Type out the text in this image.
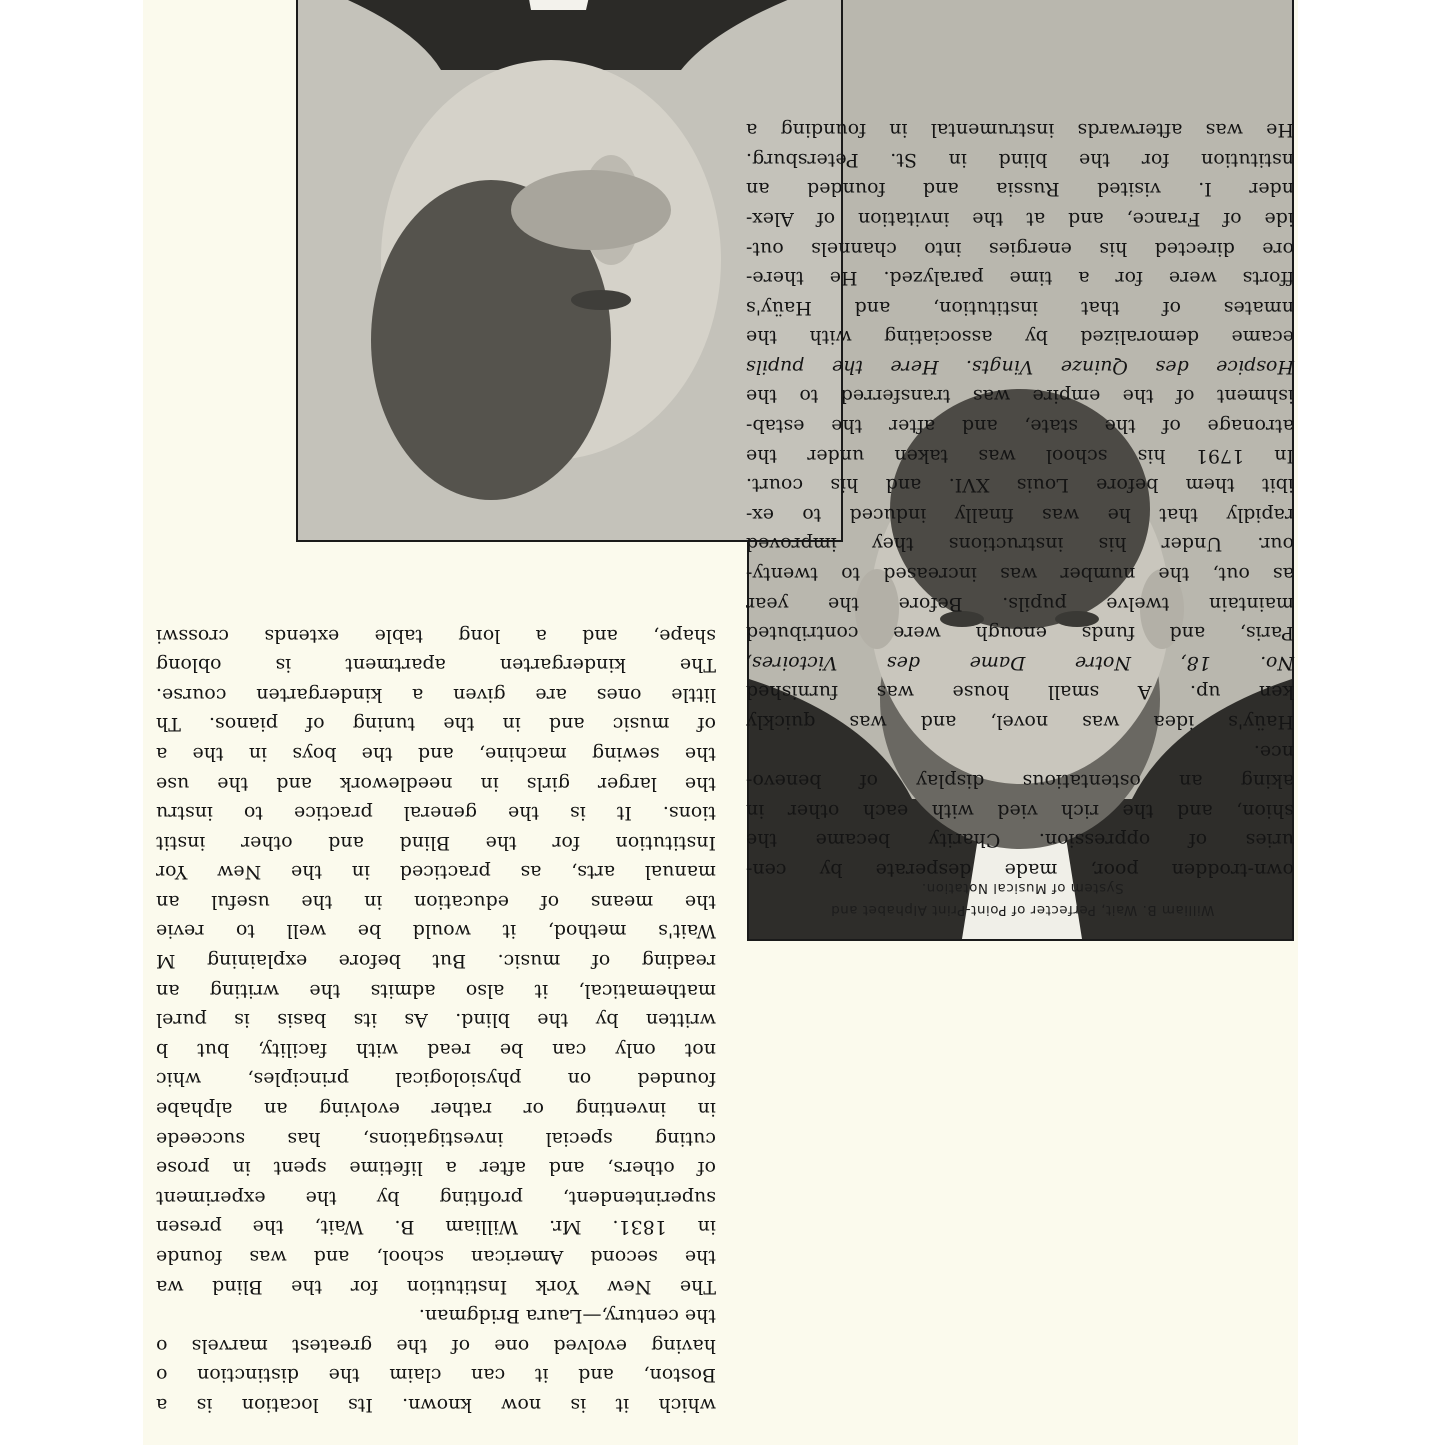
William B. Wait, Perfecter of Point-Print Alphabet and
System of Musical Notation.
own-trodden poor, made desperate by cen-
uries of oppression. Charity became the
shion, and the rich vied with each other in
aking an ostentatious display of benevo-
nce.
Haüy's idea was novel, and was quickly
ken up. A small house was furnished
No. 18, Notre Dame des Victoires,
Paris, and funds enough were contributed
maintain twelve pupils. Before the year
as out, the number was increased to twenty-
our. Under his instructions they improved
rapidly that he was finally induced to ex-
ibit them before Louis XVI. and his court.
In 1791 his school was taken under the
atronage of the state, and after the estab-
ishment of the empire was transferred to the
Hospice des Quinze Vingts. Here the pupils
ecame demoralized by associating with the
nmates of that institution, and Haüy's
fforts were for a time paralyzed. He there-
ore directed his energies into channels out-
ide of France, and at the invitation of Alex-
nder I. visited Russia and founded an
nstitution for the blind in St. Petersburg.
He was afterwards instrumental in founding a
which it is now known. Its location is a
Boston, and it can claim the distinction o
having evolved one of the greatest marvels o
the century,—Laura Bridgman.
The New York Institution for the Blind wa
the second American school, and was founde
in 1831. Mr. William B. Wait, the presen
superintendent, profiting by the experiment
of others, and after a lifetime spent in prose
cuting special investigations, has succeede
in inventing or rather evolving an alphabe
founded on physiological principles, whic
not only can be read with facility, but b
written by the blind. As its basis is purel
mathematical, it also admits the writing an
reading of music. But before explaining M
Wait's method, it would be well to revie
the means of education in the useful an
manual arts, as practiced in the New Yor
Institution for the Blind and other instit
tions. It is the general practice to instru
the larger girls in needlework and the use
the sewing machine, and the boys in the a
of music and in the tuning of pianos. Th
little ones are given a kindergarten course.
The kindergarten apartment is oblong
shape, and a long table extends crosswi
